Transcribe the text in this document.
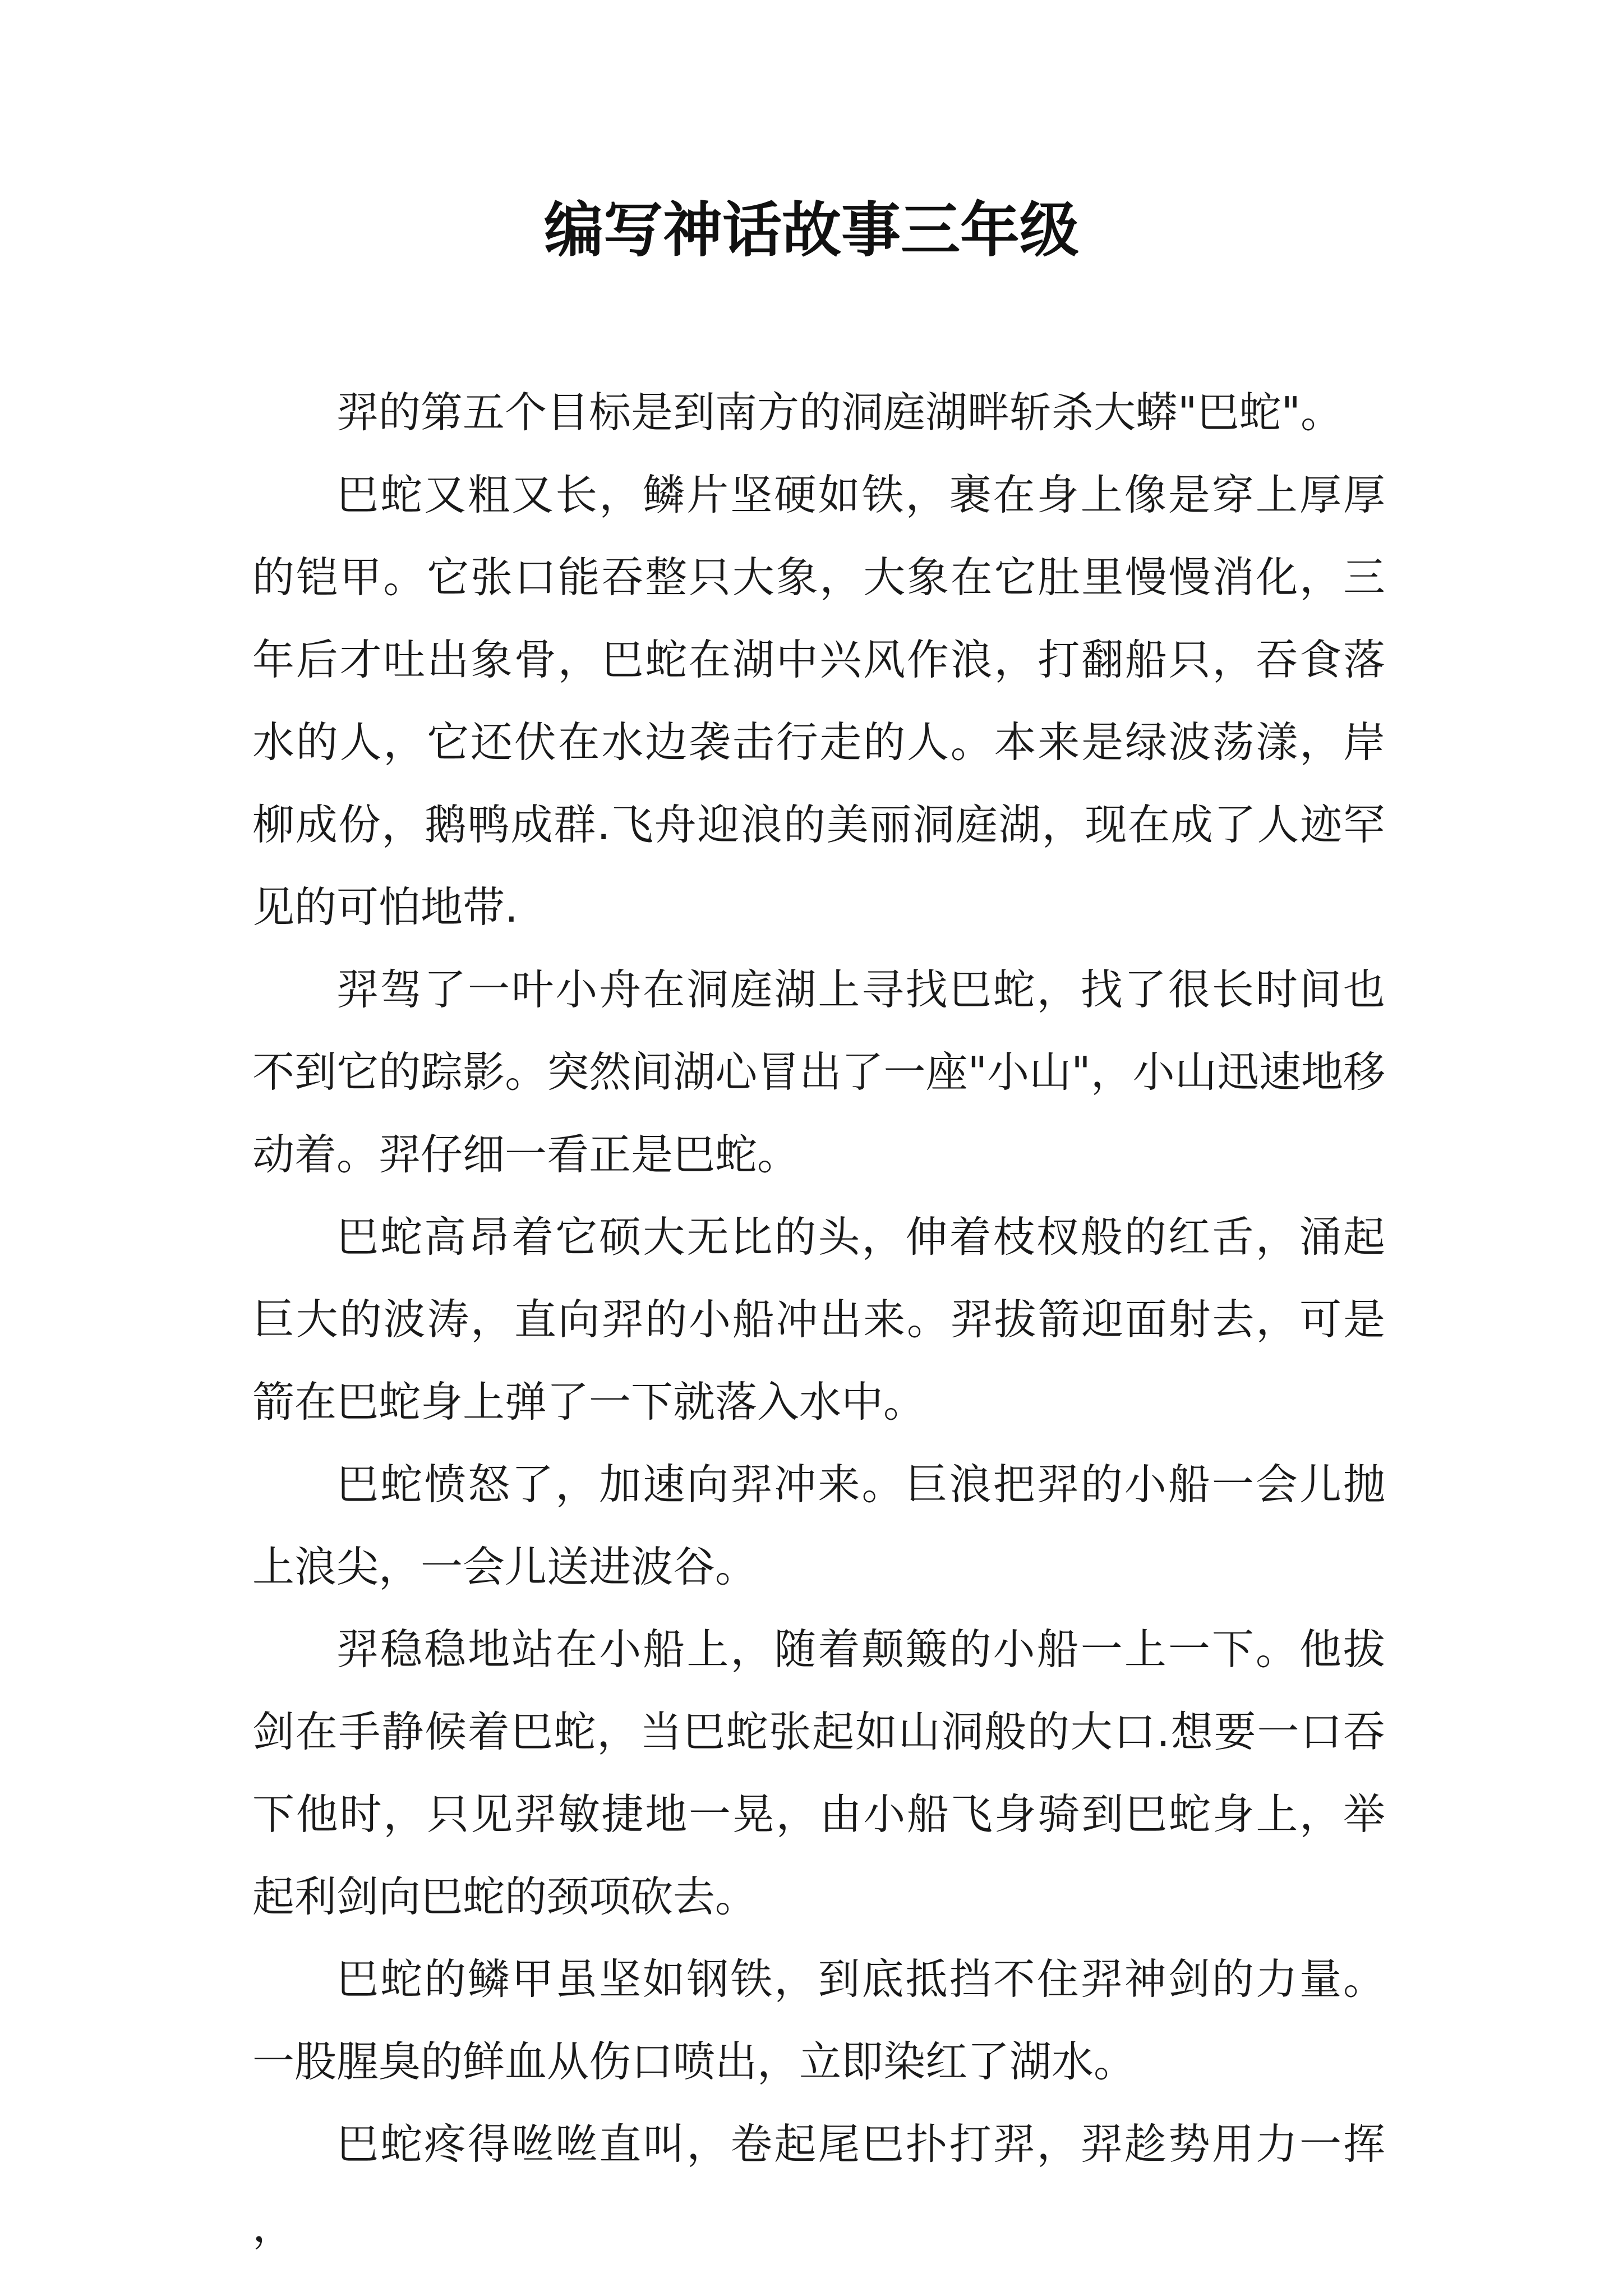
编写神话故事三年级

羿的第五个目标是到南方的洞庭湖畔斩杀大蟒"巴蛇"。

巴蛇又粗又长，鳞片坚硬如铁，裹在身上像是穿上厚厚的铠甲。它张口能吞整只大象，大象在它肚里慢慢消化，三年后才吐出象骨，巴蛇在湖中兴风作浪，打翻船只，吞食落水的人，它还伏在水边袭击行走的人。本来是绿波荡漾，岸柳成份，鹅鸭成群.飞舟迎浪的美丽洞庭湖，现在成了人迹罕见的可怕地带.

羿驾了一叶小舟在洞庭湖上寻找巴蛇，找了很长时间也不到它的踪影。突然间湖心冒出了一座"小山"，小山迅速地移动着。羿仔细一看正是巴蛇。

巴蛇高昂着它硕大无比的头，伸着枝杈般的红舌，涌起巨大的波涛，直向羿的小船冲出来。羿拔箭迎面射去，可是箭在巴蛇身上弹了一下就落入水中。

巴蛇愤怒了，加速向羿冲来。巨浪把羿的小船一会儿抛上浪尖，一会儿送进波谷。

羿稳稳地站在小船上，随着颠簸的小船一上一下。他拔剑在手静候着巴蛇，当巴蛇张起如山洞般的大口.想要一口吞下他时，只见羿敏捷地一晃，由小船飞身骑到巴蛇身上，举起利剑向巴蛇的颈项砍去。

巴蛇的鳞甲虽坚如钢铁，到底抵挡不住羿神剑的力量。一股腥臭的鲜血从伤口喷出，立即染红了湖水。

巴蛇疼得咝咝直叫，卷起尾巴扑打羿，羿趁势用力一挥，
